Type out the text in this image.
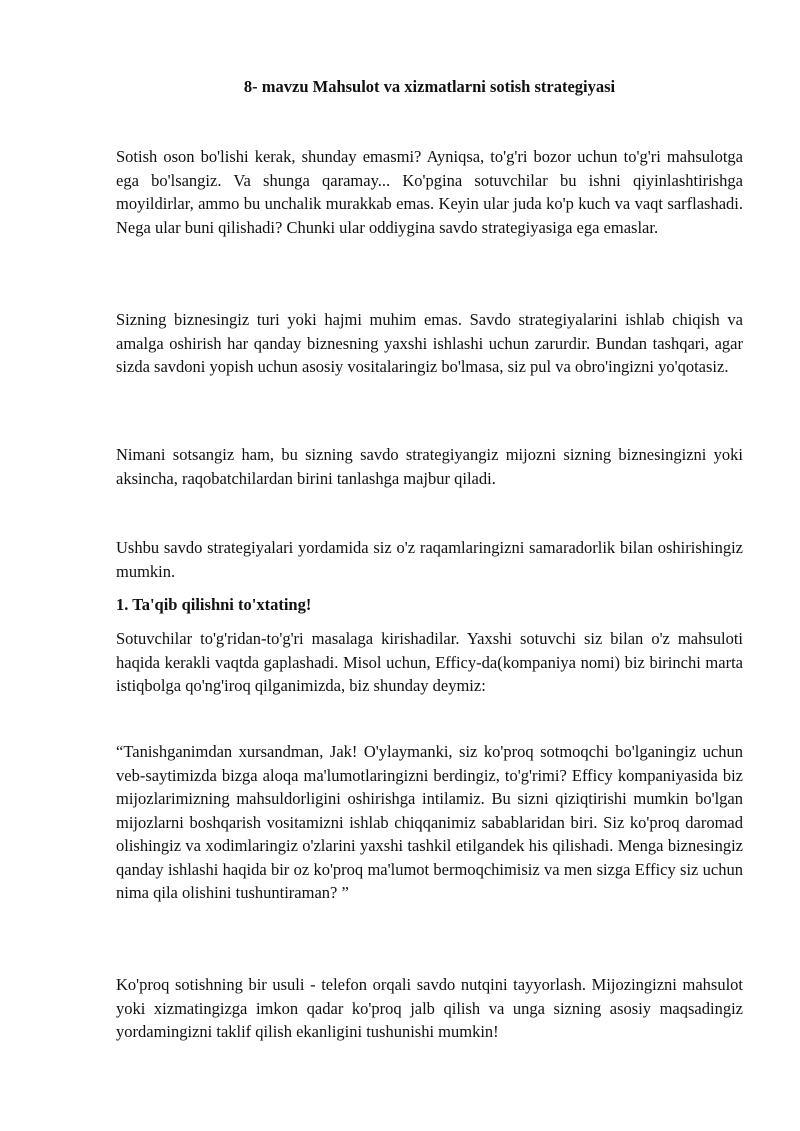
8- mavzu Mahsulot va xizmatlarni sotish strategiyasi

Sotish oson bo'lishi kerak, shunday emasmi? Ayniqsa, to'g'ri bozor uchun to'g'ri mahsulotga ega bo'lsangiz. Va shunga qaramay... Ko'pgina sotuvchilar bu ishni qiyinlashtirishga moyildirlar, ammo bu unchalik murakkab emas. Keyin ular juda ko'p kuch va vaqt sarflashadi. Nega ular buni qilishadi? Chunki ular oddiygina savdo strategiyasiga ega emaslar.

Sizning biznesingiz turi yoki hajmi muhim emas. Savdo strategiyalarini ishlab chiqish va amalga oshirish har qanday biznesning yaxshi ishlashi uchun zarurdir. Bundan tashqari, agar sizda savdoni yopish uchun asosiy vositalaringiz bo'lmasa, siz pul va obro'ingizni yo'qotasiz.

Nimani sotsangiz ham, bu sizning savdo strategiyangiz mijozni sizning biznesingizni yoki aksincha, raqobatchilardan birini tanlashga majbur qiladi.

Ushbu savdo strategiyalari yordamida siz o'z raqamlaringizni samaradorlik bilan oshirishingiz mumkin.

1. Ta'qib qilishni to'xtating!

Sotuvchilar to'g'ridan-to'g'ri masalaga kirishadilar. Yaxshi sotuvchi siz bilan o'z mahsuloti haqida kerakli vaqtda gaplashadi. Misol uchun, Efficy-da(kompaniya nomi) biz birinchi marta istiqbolga qo'ng'iroq qilganimizda, biz shunday deymiz:

“Tanishganimdan xursandman, Jak! O'ylaymanki, siz ko'proq sotmoqchi bo'lganingiz uchun veb-saytimizda bizga aloqa ma'lumotlaringizni berdingiz, to'g'rimi? Efficy kompaniyasida biz mijozlarimizning mahsuldorligini oshirishga intilamiz. Bu sizni qiziqtirishi mumkin bo'lgan mijozlarni boshqarish vositamizni ishlab chiqqanimiz sabablaridan biri. Siz ko'proq daromad olishingiz va xodimlaringiz o'zlarini yaxshi tashkil etilgandek his qilishadi. Menga biznesingiz qanday ishlashi haqida bir oz ko'proq ma'lumot bermoqchimisiz va men sizga Efficy siz uchun nima qila olishini tushuntiraman? ”

Ko'proq sotishning bir usuli - telefon orqali savdo nutqini tayyorlash. Mijozingizni mahsulot yoki xizmatingizga imkon qadar ko'proq jalb qilish va unga sizning asosiy maqsadingiz yordamingizni taklif qilish ekanligini tushunishi mumkin!
